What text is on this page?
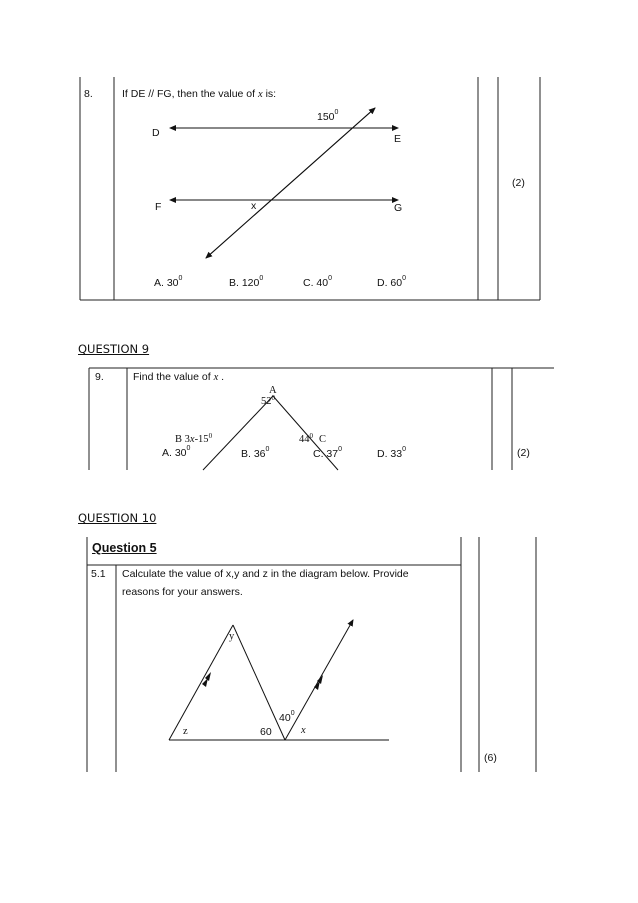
8.	If DE // FG, then the value of x is:
$150^0$
D	E
F	G
x
(2)
A. $30^0$	B. $120^0$	C. $40^0$	D. $60^0$
QUESTION 9
9.	Find the value of x .
A
$52^0$
B $3x-15^0$	$44^0$ C
A. $30^0$	B. $36^0$	C. $37^0$	D. $33^0$	(2)
QUESTION 10
Question 5
5.1 Calculate the value of x,y and z in the diagram below. Provide
reasons for your answers.
y
z	60
$40^0$
x
(6)
